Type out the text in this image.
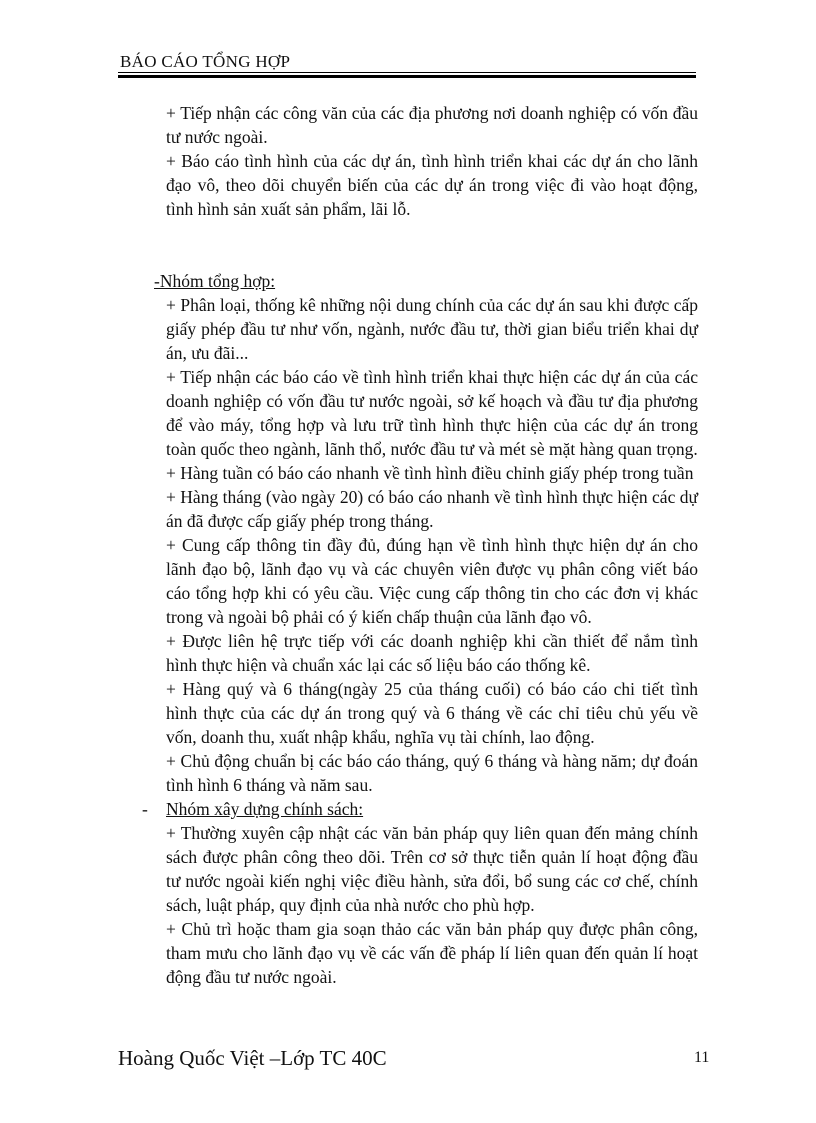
BÁO CÁO TỔNG HỢP

+ Tiếp nhận các công văn của các địa phương nơi doanh nghiệp có vốn đầu tư nước ngoài.

+ Báo cáo tình hình của các dự án, tình hình triển khai các dự án cho lãnh đạo vô, theo dõi chuyển biến của các dự án trong việc đi vào hoạt động, tình hình sản xuất sản phẩm, lãi lỗ.

-Nhóm tổng hợp:

+ Phân loại, thống kê những nội dung chính của các dự án sau khi được cấp giấy phép đầu tư như vốn, ngành, nước đầu tư, thời gian biểu triển khai dự án, ưu đãi...

+ Tiếp nhận các báo cáo về tình hình triển khai thực hiện các dự án của các doanh nghiệp có vốn đầu tư nước ngoài, sở kế hoạch và đầu tư địa phương để vào máy, tổng hợp và lưu trữ tình hình thực hiện của các dự án trong toàn quốc theo ngành, lãnh thổ, nước đầu tư và mét sè mặt hàng quan trọng.

+ Hàng tuần có báo cáo nhanh về tình hình điều chỉnh giấy phép trong tuần

+ Hàng tháng (vào ngày 20) có báo cáo nhanh về tình hình thực hiện các dự án đã được cấp giấy phép trong tháng.

+ Cung cấp thông tin đầy đủ, đúng hạn về tình hình thực hiện dự án cho lãnh đạo bộ, lãnh đạo vụ và các chuyên viên được vụ phân công viết báo cáo tổng hợp khi có yêu cầu. Việc cung cấp thông tin cho các đơn vị khác trong và ngoài bộ phải có ý kiến chấp thuận của lãnh đạo vô.

+ Được liên hệ trực tiếp với các doanh nghiệp khi cần thiết để nắm tình hình thực hiện và chuẩn xác lại các số liệu báo cáo thống kê.

+ Hàng quý và 6 tháng(ngày 25 của tháng cuối) có báo cáo chi tiết tình hình thực của các dự án trong quý và 6 tháng về các chỉ tiêu chủ yếu về vốn, doanh thu, xuất nhập khẩu, nghĩa vụ tài chính, lao động.

+ Chủ động chuẩn bị các báo cáo tháng, quý 6 tháng và hàng năm; dự đoán tình hình 6 tháng và năm sau.

- Nhóm xây dựng chính sách:

+ Thường xuyên cập nhật các văn bản pháp quy liên quan đến mảng chính sách được phân công theo dõi. Trên cơ sở thực tiễn quản lí hoạt động đầu tư nước ngoài kiến nghị việc điều hành, sửa đổi, bổ sung các cơ chế, chính sách, luật pháp, quy định của nhà nước cho phù hợp.

+ Chủ trì hoặc tham gia soạn thảo các văn bản pháp quy được phân công, tham mưu cho lãnh đạo vụ về các vấn đề pháp lí liên quan đến quản lí hoạt động đầu tư nước ngoài.

Hoàng Quốc Việt –Lớp TC 40C	11
